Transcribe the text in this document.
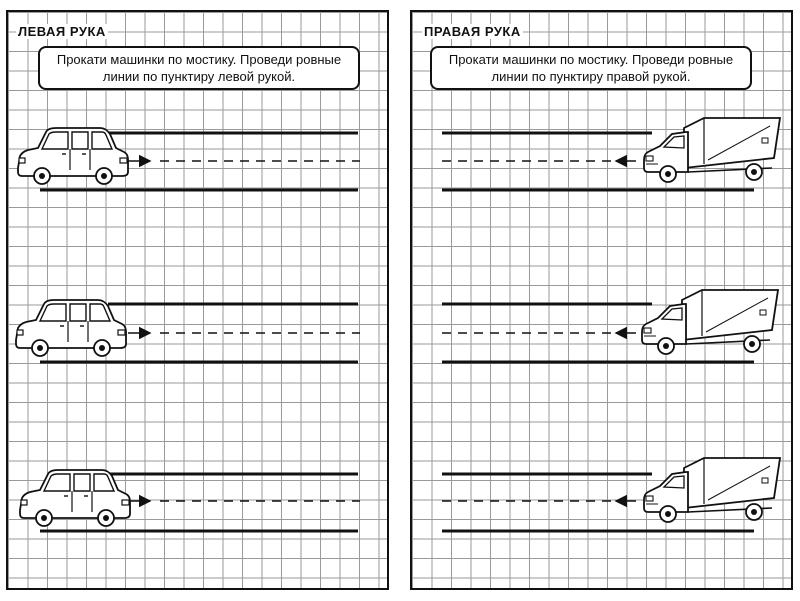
ЛЕВАЯ РУКА
Прокати машинки по мостику. Проведи ровные линии по пунктиру левой рукой.
ПРАВАЯ РУКА
Прокати машинки по мостику. Проведи ровные линии по пунктиру правой рукой.
